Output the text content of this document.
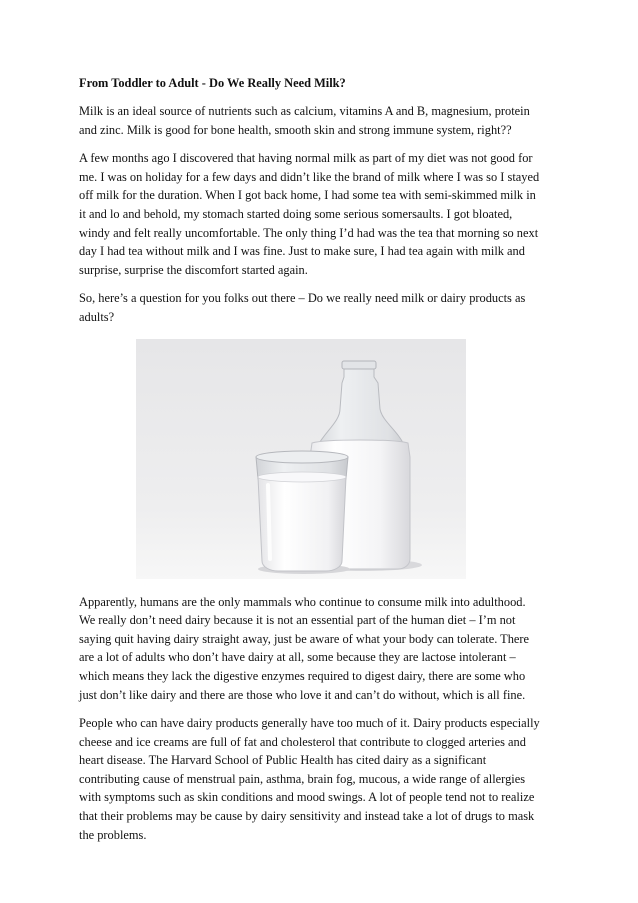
From Toddler to Adult - Do We Really Need Milk?
Milk is an ideal source of nutrients such as calcium, vitamins A and B, magnesium, protein
and zinc. Milk is good for bone health, smooth skin and strong immune system, right??
A few months ago I discovered that having normal milk as part of my diet was not good for
me. I was on holiday for a few days and didn’t like the brand of milk where I was so I stayed
off milk for the duration. When I got back home, I had some tea with semi-skimmed milk in
it and lo and behold, my stomach started doing some serious somersaults. I got bloated,
windy and felt really uncomfortable. The only thing I’d had was the tea that morning so next
day I had tea without milk and I was fine. Just to make sure, I had tea again with milk and
surprise, surprise the discomfort started again.
So, here’s a question for you folks out there – Do we really need milk or dairy products as
adults?
Apparently, humans are the only mammals who continue to consume milk into adulthood.
We really don’t need dairy because it is not an essential part of the human diet – I’m not
saying quit having dairy straight away, just be aware of what your body can tolerate. There
are a lot of adults who don’t have dairy at all, some because they are lactose intolerant –
which means they lack the digestive enzymes required to digest dairy, there are some who
just don’t like dairy and there are those who love it and can’t do without, which is all fine.
People who can have dairy products generally have too much of it. Dairy products especially
cheese and ice creams are full of fat and cholesterol that contribute to clogged arteries and
heart disease. The Harvard School of Public Health has cited dairy as a significant
contributing cause of menstrual pain, asthma, brain fog, mucous, a wide range of allergies
with symptoms such as skin conditions and mood swings. A lot of people tend not to realize
that their problems may be cause by dairy sensitivity and instead take a lot of drugs to mask
the problems.
